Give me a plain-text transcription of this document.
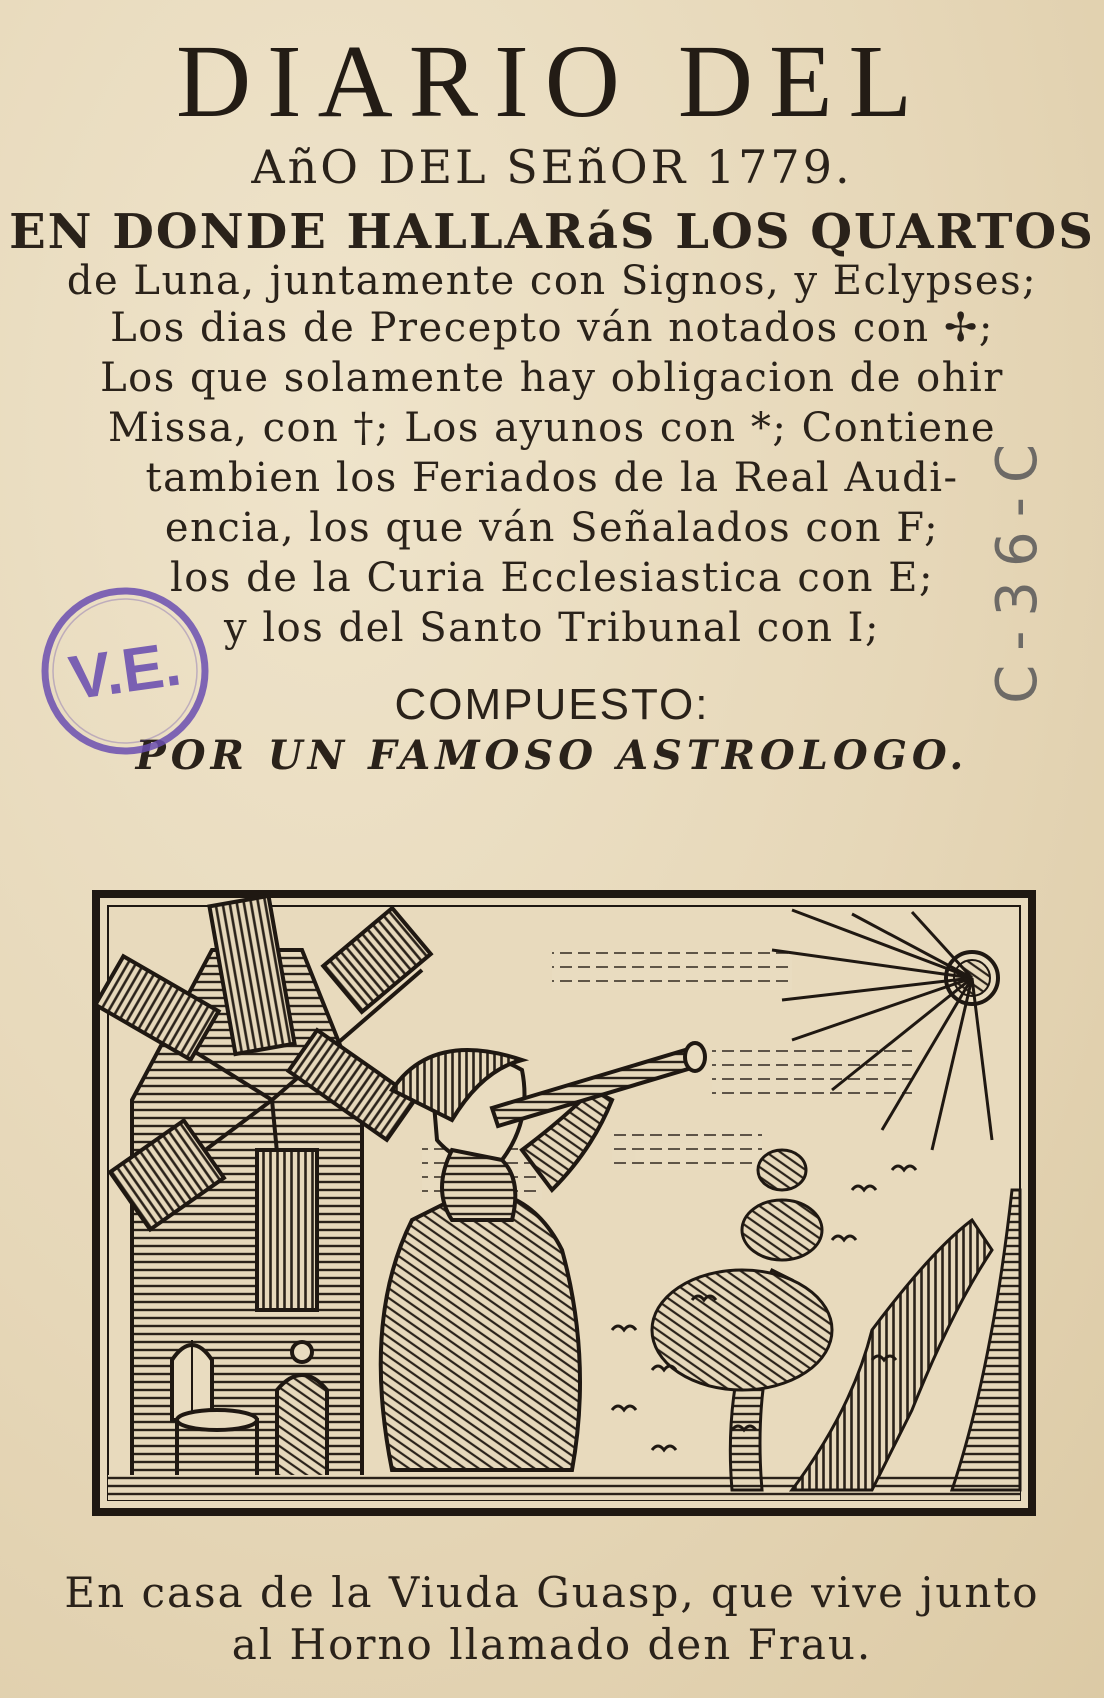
DIARIO DEL
AñO DEL SEñOR 1779.
EN DONDE HALLARáS LOS QUARTOS
de Luna, juntamente con Signos, y Eclypses;
Los dias de Precepto ván notados con ✢;
Los que solamente hay obligacion de ohir
Missa, con †; Los ayunos con *; Contiene
tambien los Feriados de la Real Audi-
encia, los que ván Señalados con F;
los de la Curia Ecclesiastica con E;
y los del Santo Tribunal con I;
COMPUESTO:
POR UN FAMOSO ASTROLOGO.
V.E.	C-36-C
En casa de la Viuda Guasp, que vive junto
al Horno llamado den Frau.
